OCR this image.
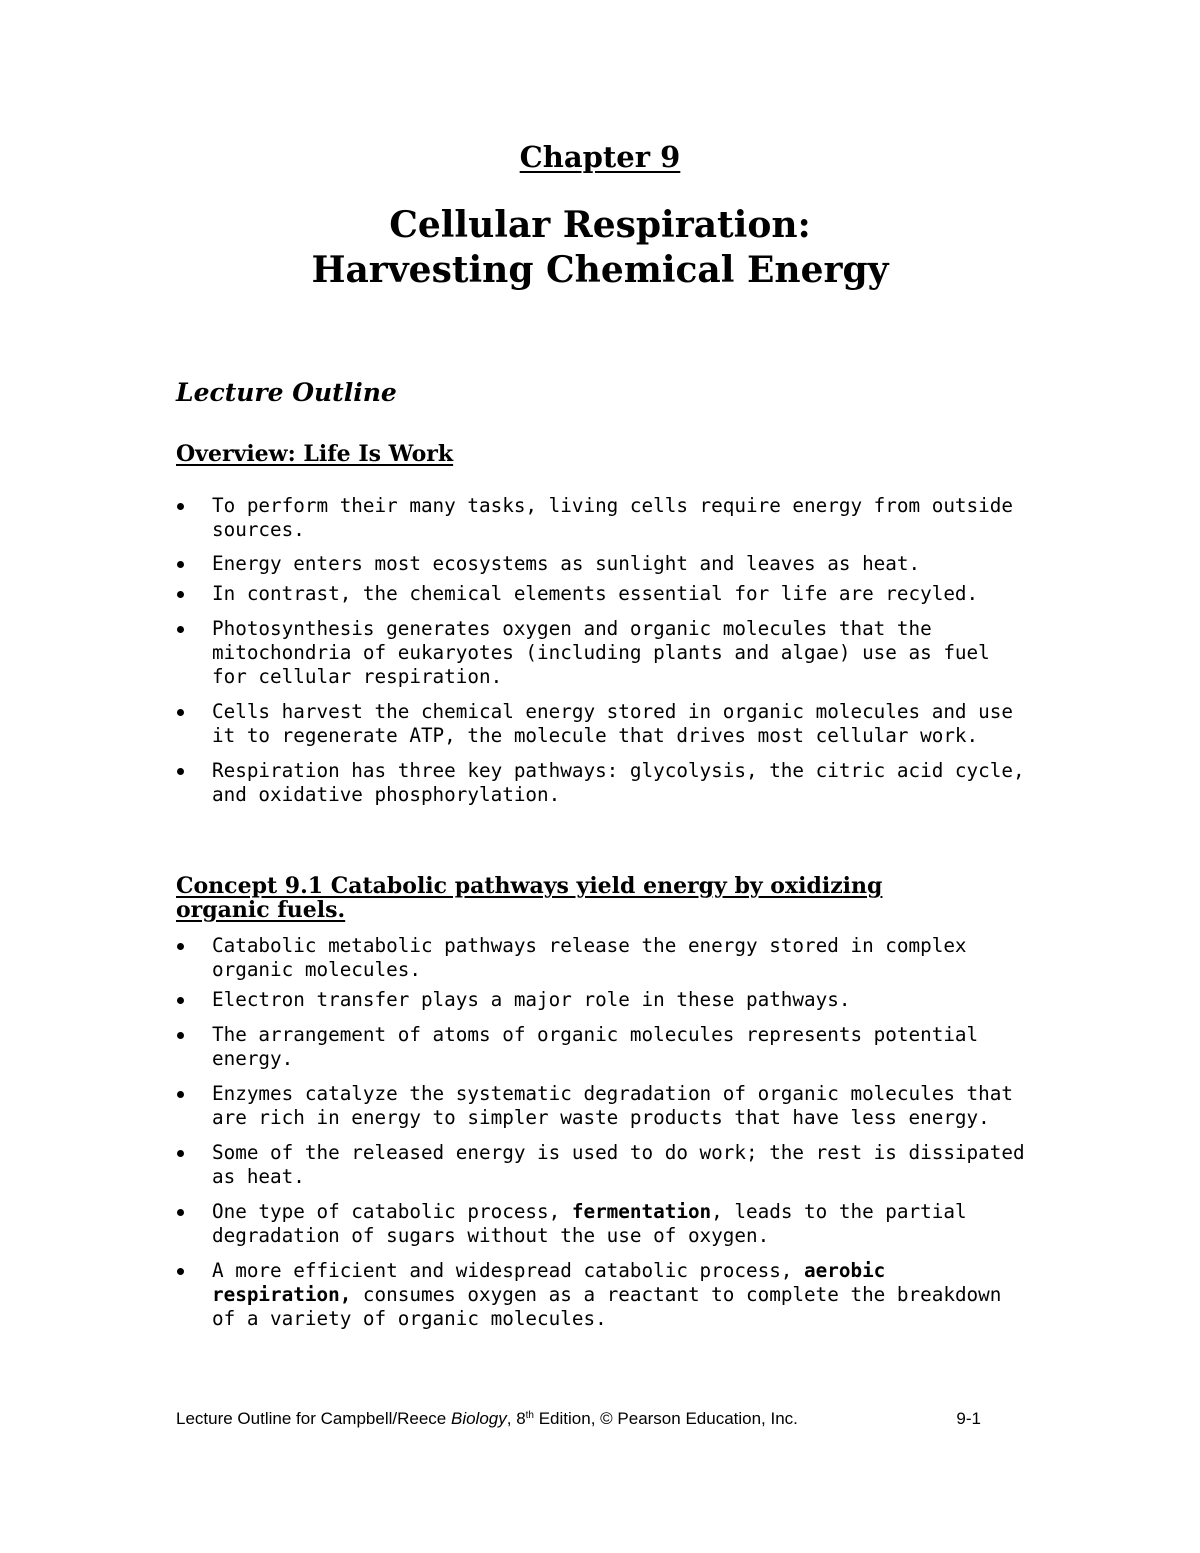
Chapter 9
Cellular Respiration:
Harvesting Chemical Energy
Lecture Outline
Overview: Life Is Work
To perform their many tasks, living cells require energy from outside sources.
Energy enters most ecosystems as sunlight and leaves as heat.
In contrast, the chemical elements essential for life are recyled.
Photosynthesis generates oxygen and organic molecules that the mitochondria of eukaryotes (including plants and algae) use as fuel for cellular respiration.
Cells harvest the chemical energy stored in organic molecules and use it to regenerate ATP, the molecule that drives most cellular work.
Respiration has three key pathways: glycolysis, the citric acid cycle, and oxidative phosphorylation.
Concept 9.1 Catabolic pathways yield energy by oxidizing
organic fuels.
Catabolic metabolic pathways release the energy stored in complex organic molecules.
Electron transfer plays a major role in these pathways.
The arrangement of atoms of organic molecules represents potential energy.
Enzymes catalyze the systematic degradation of organic molecules that are rich in energy to simpler waste products that have less energy.
Some of the released energy is used to do work; the rest is dissipated as heat.
One type of catabolic process, fermentation, leads to the partial degradation of sugars without the use of oxygen.
A more efficient and widespread catabolic process, aerobic respiration, consumes oxygen as a reactant to complete the breakdown of a variety of organic molecules.
Lecture Outline for Campbell/Reece Biology, 8th Edition, © Pearson Education, Inc.	9-1
